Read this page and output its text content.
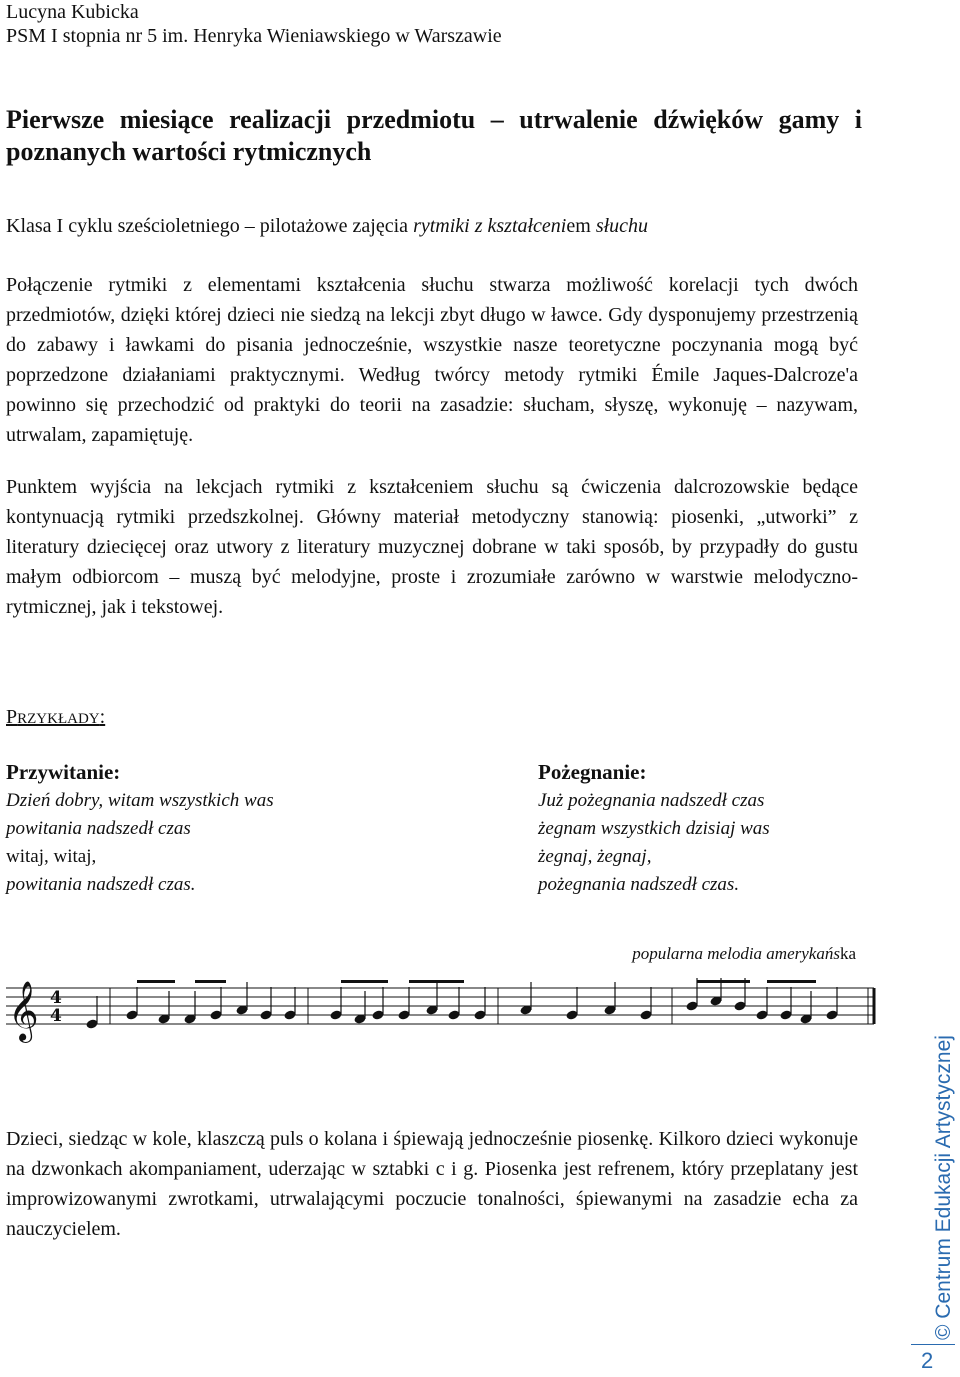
Lucyna Kubicka
PSM I stopnia nr 5 im. Henryka Wieniawskiego w Warszawie
Pierwsze miesiące realizacji przedmiotu – utrwalenie dźwięków gamy i poznanych wartości rytmicznych
Klasa I cyklu sześcioletniego – pilotażowe zajęcia rytmiki z kształceniem słuchu
Połączenie rytmiki z elementami kształcenia słuchu stwarza możliwość korelacji tych dwóch przedmiotów, dzięki której dzieci nie siedzą na lekcji zbyt długo w ławce. Gdy dysponujemy przestrzenią do zabawy i ławkami do pisania jednocześnie, wszystkie nasze teoretyczne poczynania mogą być poprzedzone działaniami praktycznymi. Według twórcy metody rytmiki Émile Jaques-Dalcroze'a powinno się przechodzić od praktyki do teorii na zasadzie: słucham, słyszę, wykonuję – nazywam, utrwalam, zapamiętuję.
Punktem wyjścia na lekcjach rytmiki z kształceniem słuchu są ćwiczenia dalcrozowskie będące kontynuacją rytmiki przedszkolnej. Główny materiał metodyczny stanowią: piosenki, „utworki” z literatury dziecięcej oraz utwory z literatury muzycznej dobrane w taki sposób, by przypadły do gustu małym odbiorcom – muszą być melodyjne, proste i zrozumiałe zarówno w warstwie melodyczno-rytmicznej, jak i tekstowej.
PRZYKŁADY:
Przywitanie:
Dzień dobry, witam wszystkich was
powitania nadszedł czas
witaj, witaj,
powitania nadszedł czas.
Pożegnanie:
Już pożegnania nadszedł czas
żegnam wszystkich dzisiaj was
żegnaj, żegnaj,
pożegnania nadszedł czas.
popularna melodia amerykańska
𝄞 4
4
Dzieci, siedząc w kole, klaszczą puls o kolana i śpiewają jednocześnie piosenkę. Kilkoro dzieci wykonuje na dzwonkach akompaniament, uderzając w sztabki c i g. Piosenka jest refrenem, który przeplatany jest improwizowanymi zwrotkami, utrwalającymi poczucie tonalności, śpiewanymi na zasadzie echa za nauczycielem.	© Centrum Edukacji Artystycznej
2
